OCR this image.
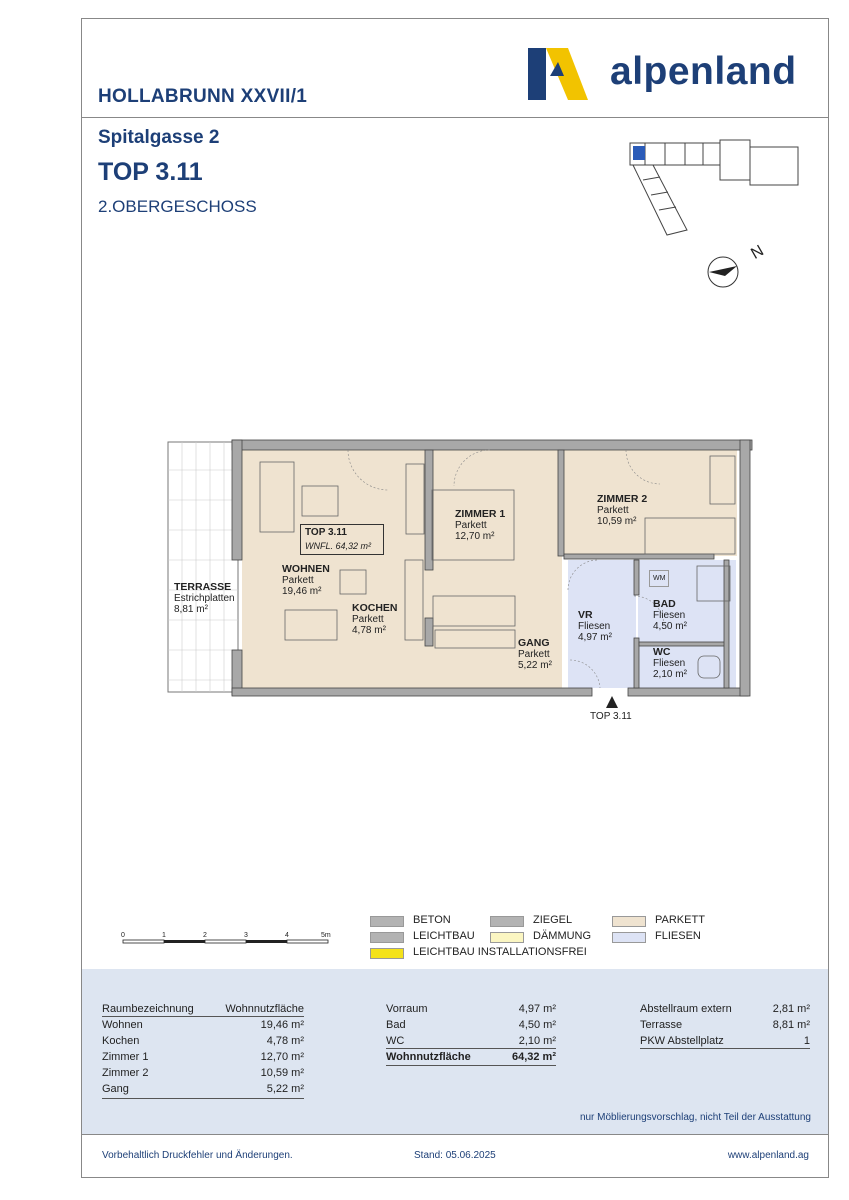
HOLLABRUNN XXVII/1
Spitalgasse 2
TOP 3.11
2.OBERGESCHOSS
alpenland
N
TOP 3.11
WNFL. 64,32 m²
TERRASSE
Estrichplatten
8,81 m²
WOHNEN
Parkett
19,46 m²
KOCHEN
Parkett
4,78 m²
ZIMMER 1
Parkett
12,70 m²
ZIMMER 2
Parkett
10,59 m²
GANG
Parkett
5,22 m²
VR
Fliesen
4,97 m²
BAD
Fliesen
4,50 m²
WC
Fliesen
2,10 m²
WM
TOP 3.11
0	1	2	3	4	5m
BETON
LEICHTBAU
LEICHTBAU INSTALLATIONSFREI
ZIEGEL
DÄMMUNG
PARKETT
FLIESEN
Raumbezeichnung	Wohnnutzfläche
Wohnen	19,46 m²
Kochen	4,78 m²
Zimmer 1	12,70 m²
Zimmer 2	10,59 m²
Gang	5,22 m²
Vorraum	4,97 m²
Bad	4,50 m²
WC	2,10 m²
Wohnnutzfläche	64,32 m²
Abstellraum extern	2,81 m²
Terrasse	8,81 m²
PKW Abstellplatz	1
nur Möblierungsvorschlag, nicht Teil der Ausstattung
Vorbehaltlich Druckfehler und Änderungen.	Stand: 05.06.2025	www.alpenland.ag
